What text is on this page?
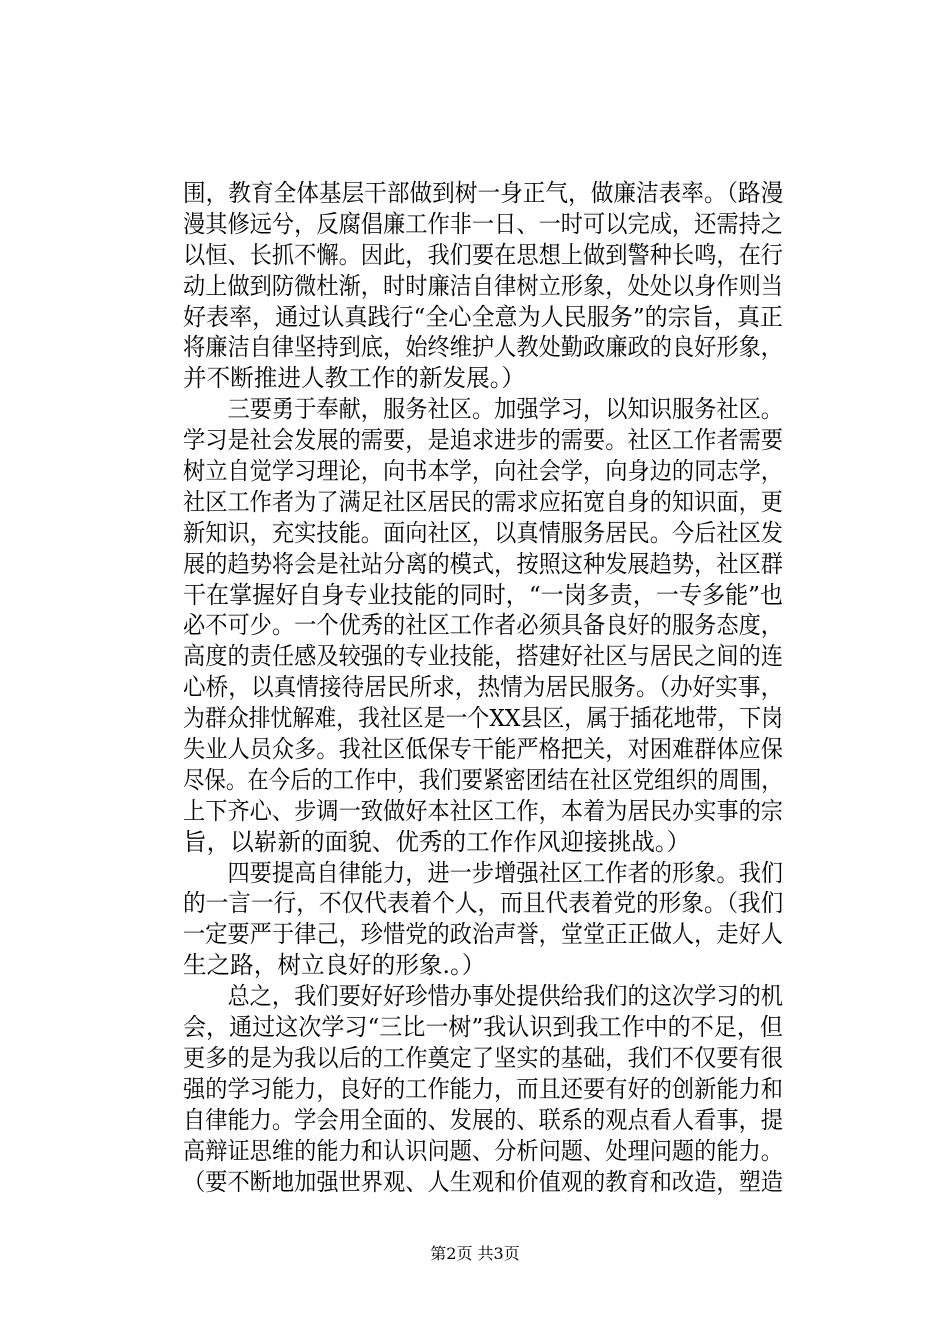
围，教育全体基层干部做到树一身正气，做廉洁表率。（路漫
漫其修远兮，反腐倡廉工作非一日、一时可以完成，还需持之
以恒、长抓不懈。因此，我们要在思想上做到警种长鸣，在行
动上做到防微杜渐，时时廉洁自律树立形象，处处以身作则当
好表率，通过认真践行“全心全意为人民服务”的宗旨，真正
将廉洁自律坚持到底，始终维护人教处勤政廉政的良好形象，
并不断推进人教工作的新发展。）
　　三要勇于奉献，服务社区。加强学习，以知识服务社区。
学习是社会发展的需要，是追求进步的需要。社区工作者需要
树立自觉学习理论，向书本学，向社会学，向身边的同志学，
社区工作者为了满足社区居民的需求应拓宽自身的知识面，更
新知识，充实技能。面向社区，以真情服务居民。今后社区发
展的趋势将会是社站分离的模式，按照这种发展趋势，社区群
干在掌握好自身专业技能的同时，“一岗多责，一专多能”也
必不可少。一个优秀的社区工作者必须具备良好的服务态度，
高度的责任感及较强的专业技能，搭建好社区与居民之间的连
心桥，以真情接待居民所求，热情为居民服务。（办好实事，
为群众排忧解难，我社区是一个XX县区，属于插花地带，下岗
失业人员众多。我社区低保专干能严格把关，对困难群体应保
尽保。在今后的工作中，我们要紧密团结在社区党组织的周围，
上下齐心、步调一致做好本社区工作，本着为居民办实事的宗
旨，以崭新的面貌、优秀的工作作风迎接挑战。）
　　四要提高自律能力，进一步增强社区工作者的形象。我们
的一言一行，不仅代表着个人，而且代表着党的形象。（我们
一定要严于律己，珍惜党的政治声誉，堂堂正正做人，走好人
生之路，树立良好的形象.。）
　　总之，我们要好好珍惜办事处提供给我们的这次学习的机
会，通过这次学习“三比一树”我认识到我工作中的不足，但
更多的是为我以后的工作奠定了坚实的基础，我们不仅要有很
强的学习能力，良好的工作能力，而且还要有好的创新能力和
自律能力。学会用全面的、发展的、联系的观点看人看事，提
高辩证思维的能力和认识问题、分析问题、处理问题的能力。
（要不断地加强世界观、人生观和价值观的教育和改造，塑造
第2页 共3页
